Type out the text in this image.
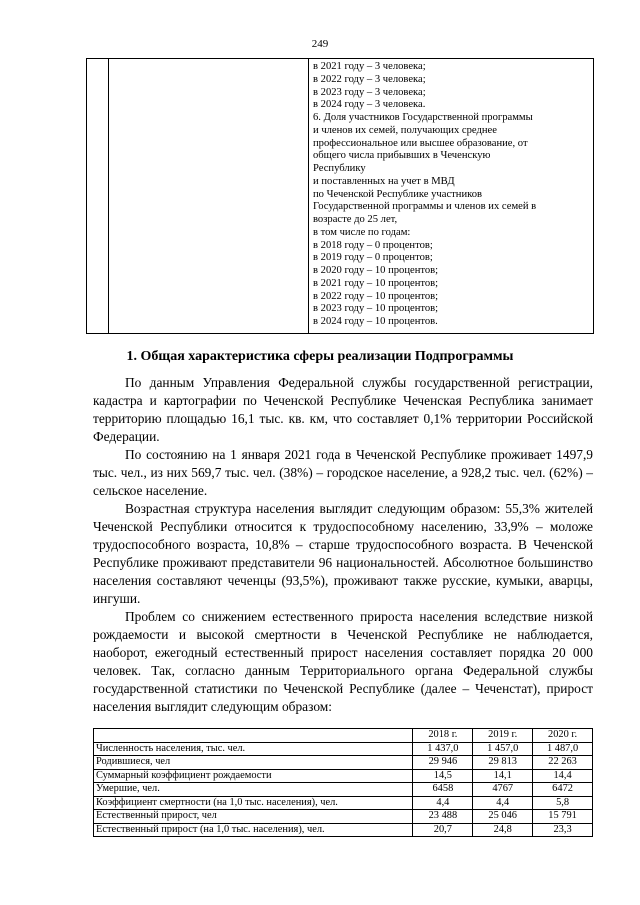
249
в 2021 году – 3 человека;
в 2022 году – 3 человека;
в 2023 году – 3 человека;
в 2024 году – 3 человека.
6. Доля участников Государственной программы
и членов их семей, получающих среднее
профессиональное или высшее образование, от
общего числа прибывших в Чеченскую
Республику
и поставленных на учет в МВД
по Чеченской Республике участников
Государственной программы и членов их семей в
возрасте до 25 лет,
в том числе по годам:
в 2018 году – 0 процентов;
в 2019 году – 0 процентов;
в 2020 году – 10 процентов;
в 2021 году – 10 процентов;
в 2022 году – 10 процентов;
в 2023 году – 10 процентов;
в 2024 году – 10 процентов.
1. Общая характеристика сферы реализации Подпрограммы

По данным Управления Федеральной службы государственной регистрации, кадастра и картографии по Чеченской Республике Чеченская Республика занимает территорию площадью 16,1 тыс. кв. км, что составляет 0,1% территории Российской Федерации.

По состоянию на 1 января 2021 года в Чеченской Республике проживает 1497,9 тыс. чел., из них 569,7 тыс. чел. (38%) – городское население, а 928,2 тыс. чел. (62%) – сельское население.

Возрастная структура населения выглядит следующим образом: 55,3% жителей Чеченской Республики относится к трудоспособному населению, 33,9% – моложе трудоспособного возраста, 10,8% – старше трудоспособного возраста. В Чеченской Республике проживают представители 96 национальностей. Абсолютное большинство населения составляют чеченцы (93,5%), проживают также русские, кумыки, аварцы, ингуши.

Проблем со снижением естественного прироста населения вследствие низкой рождаемости и высокой смертности в Чеченской Республике не наблюдается, наоборот, ежегодный естественный прирост населения составляет порядка 20 000 человек. Так, согласно данным Территориального органа Федеральной службы государственной статистики по Чеченской Республике (далее – Чеченстат), прирост населения выглядит следующим образом:

	2018 г.	2019 г.	2020 г.
Численность населения, тыс. чел.	1 437,0	1 457,0	1 487,0
Родившиеся, чел	29 946	29 813	22 263
Суммарный коэффициент рождаемости	14,5	14,1	14,4
Умершие, чел.	6458	4767	6472
Коэффициент смертности (на 1,0 тыс. населения), чел.	4,4	4,4	5,8
Естественный прирост, чел	23 488	25 046	15 791
Естественный прирост (на 1,0 тыс. населения), чел.	20,7	24,8	23,3
